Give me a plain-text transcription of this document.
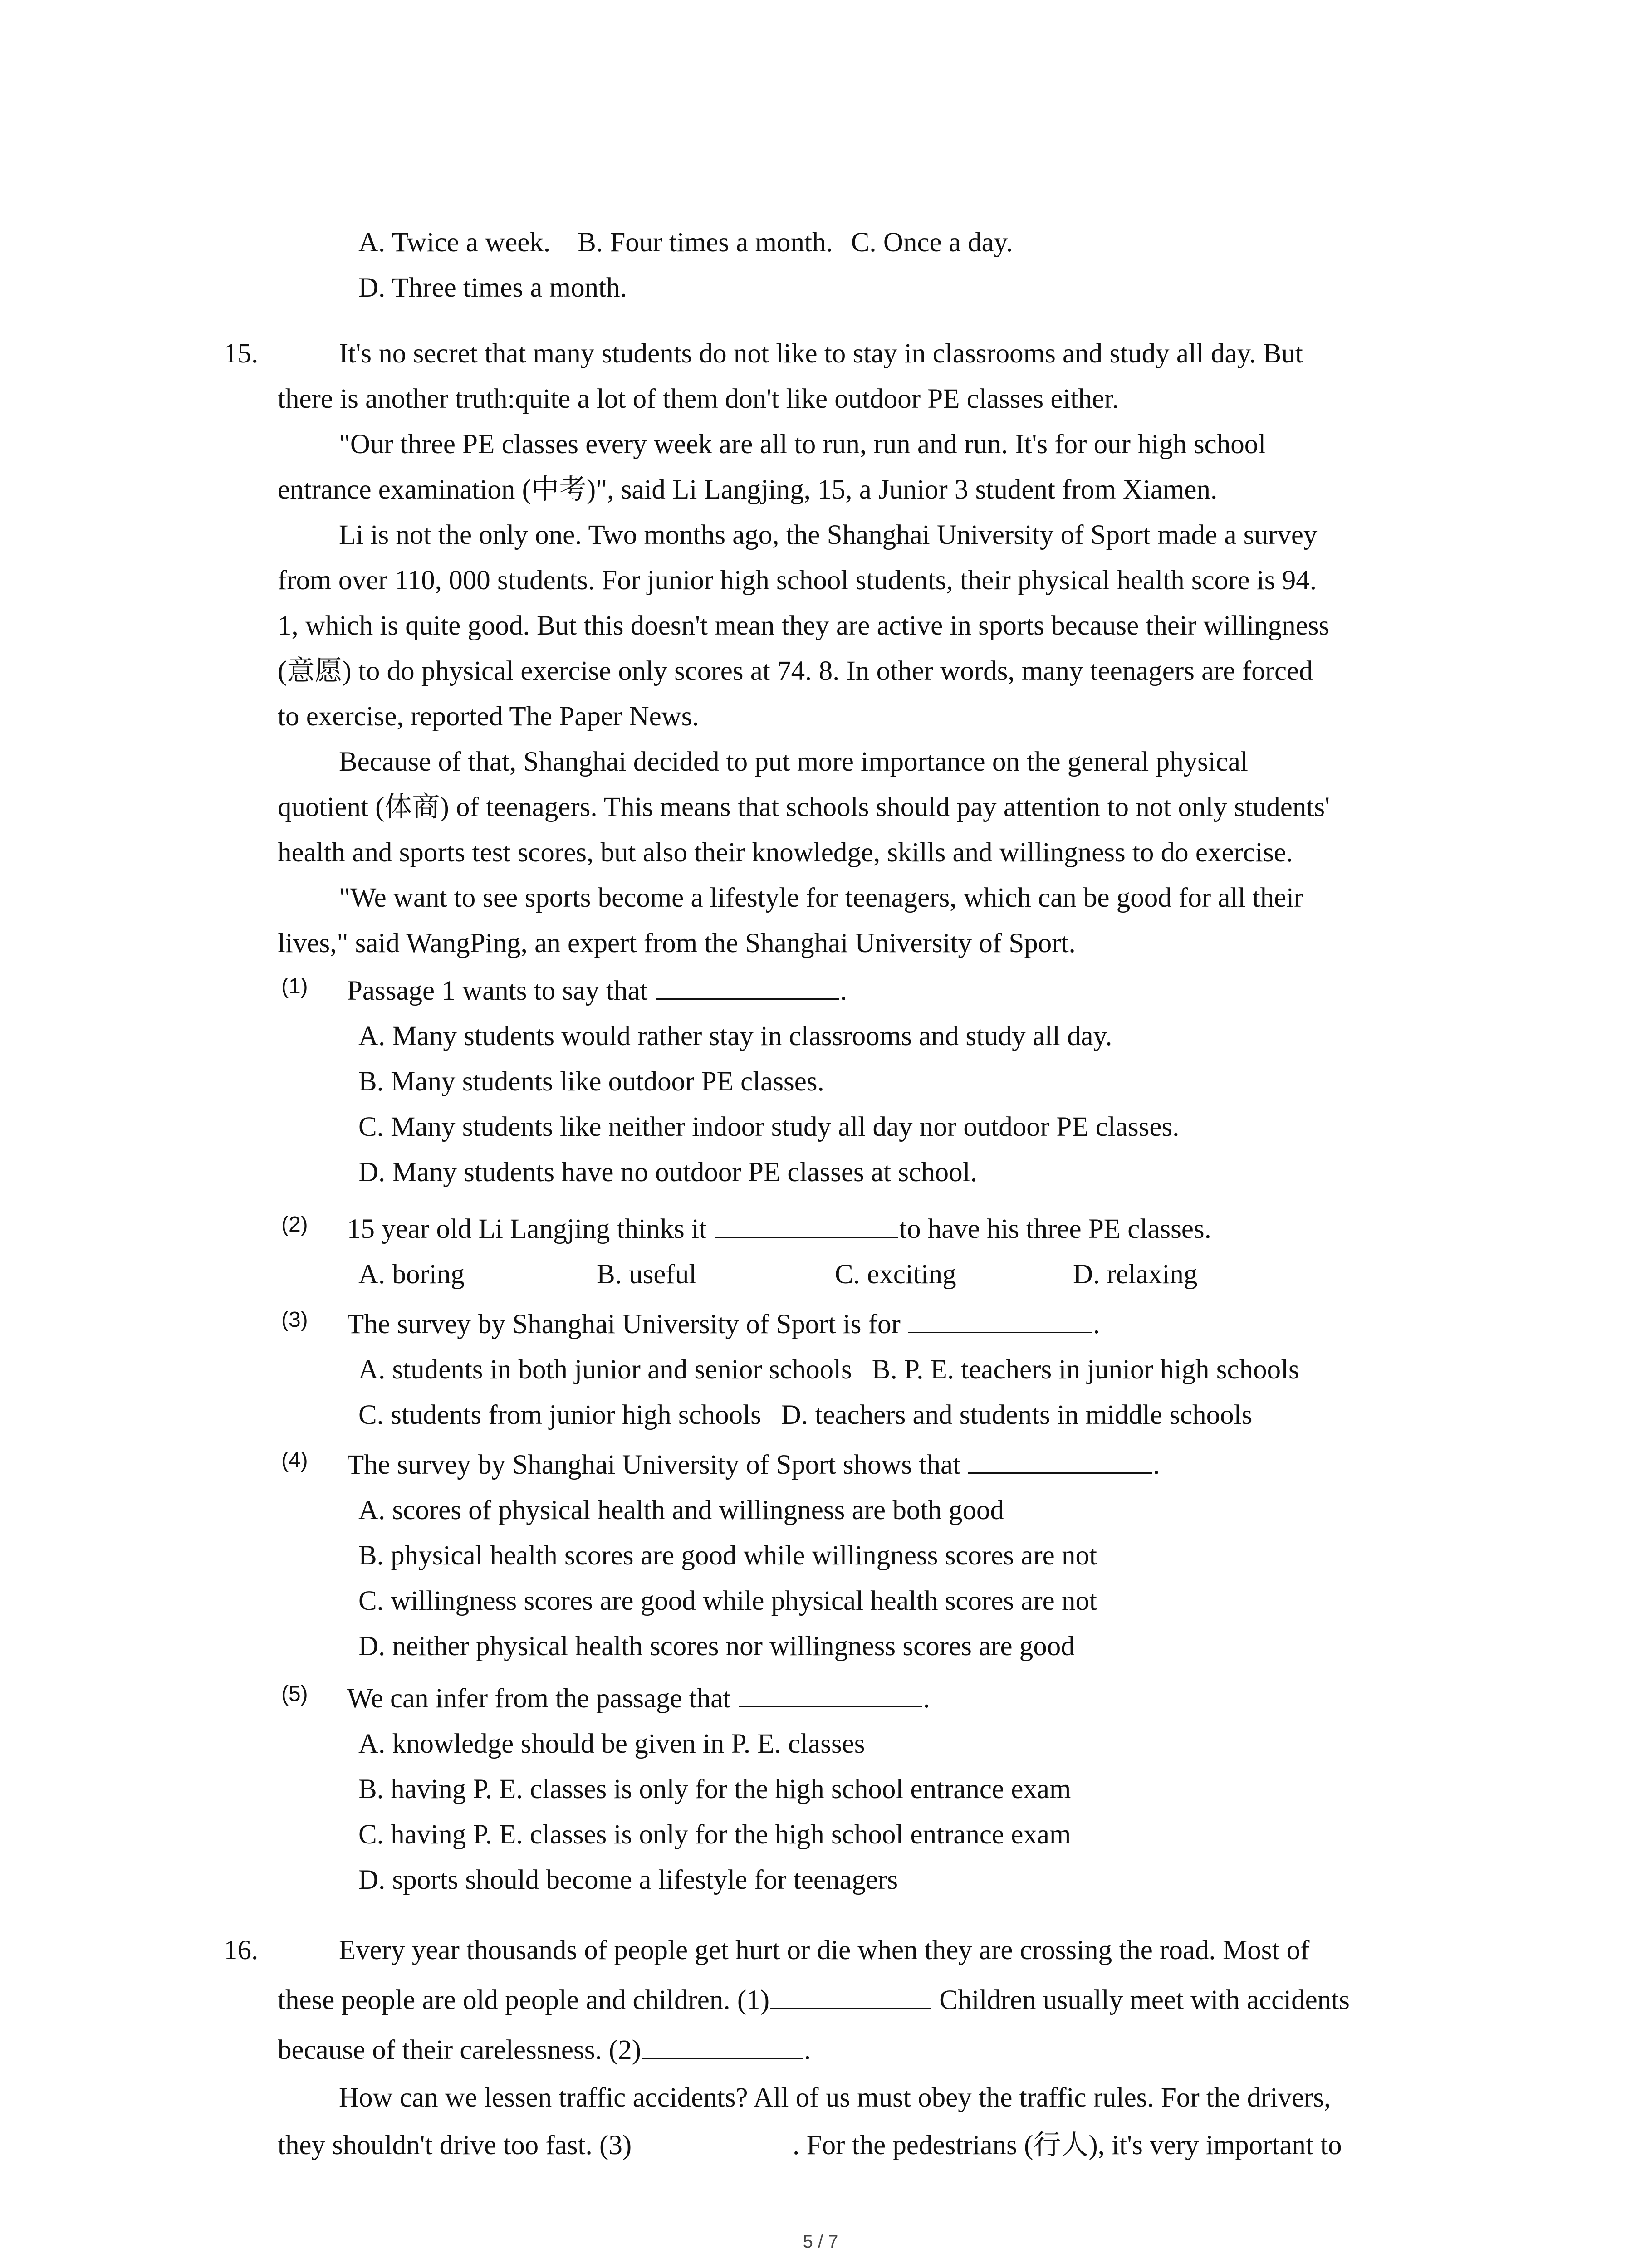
A. Twice a week. B. Four times a month. C. Once a day.
D. Three times a month.
15.	It's no secret that many students do not like to stay in classrooms and study all day. But
there is another truth:quite a lot of them don't like outdoor PE classes either.
"Our three PE classes every week are all to run, run and run. It's for our high school
entrance examination (中考)", said Li Langjing, 15, a Junior 3 student from Xiamen.
Li is not the only one. Two months ago, the Shanghai University of Sport made a survey
from over 110, 000 students. For junior high school students, their physical health score is 94.
1, which is quite good. But this doesn't mean they are active in sports because their willingness
(意愿) to do physical exercise only scores at 74. 8. In other words, many teenagers are forced
to exercise, reported The Paper News.
Because of that, Shanghai decided to put more importance on the general physical
quotient (体商) of teenagers. This means that schools should pay attention to not only students'
health and sports test scores, but also their knowledge, skills and willingness to do exercise.
"We want to see sports become a lifestyle for teenagers, which can be good for all their
lives," said WangPing, an expert from the Shanghai University of Sport.
(1) Passage 1 wants to say that	.
A. Many students would rather stay in classrooms and study all day.
B. Many students like outdoor PE classes.
C. Many students like neither indoor study all day nor outdoor PE classes.
D. Many students have no outdoor PE classes at school.
(2) 15 year old Li Langjing thinks it	to have his three PE classes.
A. boring	B. useful	C. exciting	D. relaxing
(3) The survey by Shanghai University of Sport is for	.
A. students in both junior and senior schools B. P. E. teachers in junior high schools
C. students from junior high schools D. teachers and students in middle schools
(4) The survey by Shanghai University of Sport shows that	.
A. scores of physical health and willingness are both good
B. physical health scores are good while willingness scores are not
C. willingness scores are good while physical health scores are not
D. neither physical health scores nor willingness scores are good
(5) We can infer from the passage that	.
A. knowledge should be given in P. E. classes
B. having P. E. classes is only for the high school entrance exam
C. having P. E. classes is only for the high school entrance exam
D. sports should become a lifestyle for teenagers
16.	Every year thousands of people get hurt or die when they are crossing the road. Most of
these people are old people and children. (1)	Children usually meet with accidents
because of their carelessness. (2)	.
How can we lessen traffic accidents? All of us must obey the traffic rules. For the drivers,
they shouldn't drive too fast. (3)	. For the pedestrians (行人), it's very important to
5 / 7
